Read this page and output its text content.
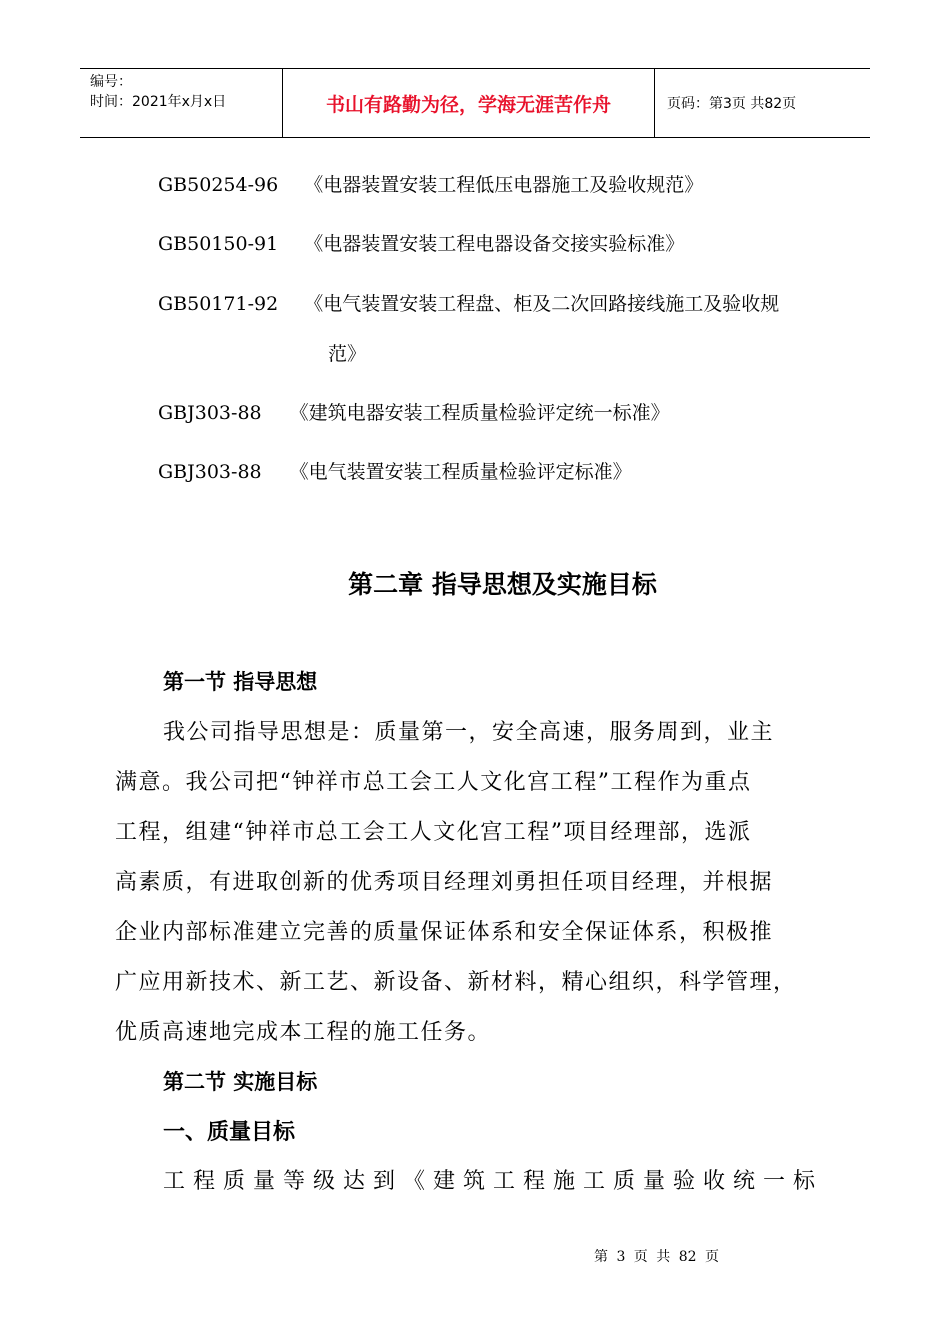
编号：
时间：2021年x月x日	书山有路勤为径，学海无涯苦作舟	页码：第3页 共82页
GB50254-96 《电器装置安装工程低压电器施工及验收规范》
GB50150-91 《电器装置安装工程电器设备交接实验标准》
GB50171-92 《电气装置安装工程盘、柜及二次回路接线施工及验收规
范》
GBJ303-88 《建筑电器安装工程质量检验评定统一标准》
GBJ303-88 《电气装置安装工程质量检验评定标准》
第二章 指导思想及实施目标
第一节 指导思想
我公司指导思想是：质量第一，安全高速，服务周到，业主
满意。我公司把“钟祥市总工会工人文化宫工程”工程作为重点
工程，组建“钟祥市总工会工人文化宫工程”项目经理部，选派
高素质，有进取创新的优秀项目经理刘勇担任项目经理，并根据
企业内部标准建立完善的质量保证体系和安全保证体系，积极推
广应用新技术、新工艺、新设备、新材料，精心组织，科学管理，
优质高速地完成本工程的施工任务。
第二节 实施目标
一、质量目标
工程质量等级达到《建筑工程施工质量验收统一标
第 3 页 共 82 页
